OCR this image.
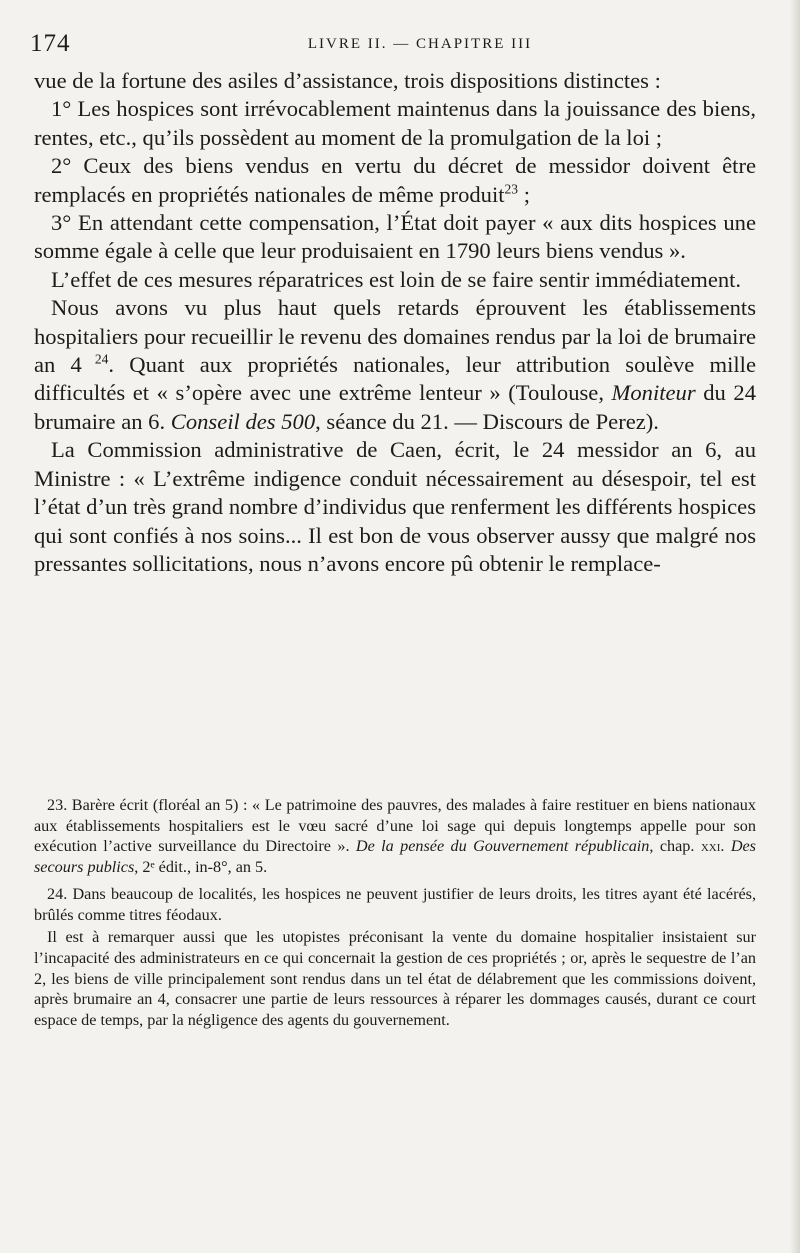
174	LIVRE II. — CHAPITRE III

vue de la fortune des asiles d’assistance, trois dispositions distinctes :

1° Les hospices sont irrévocablement maintenus dans la jouissance des biens, rentes, etc., qu’ils possèdent au moment de la promulgation de la loi ;

2° Ceux des biens vendus en vertu du décret de messidor doivent être remplacés en propriétés nationales de même produit$^{23}$ ;

3° En attendant cette compensation, l’État doit payer « aux dits hospices une somme égale à celle que leur produisaient en 1790 leurs biens vendus ».

L’effet de ces mesures réparatrices est loin de se faire sentir immédiatement.

Nous avons vu plus haut quels retards éprouvent les établissements hospitaliers pour recueillir le revenu des domaines rendus par la loi de brumaire an 4 $^{24}$. Quant aux propriétés nationales, leur attribution soulève mille difficultés et « s’opère avec une extrême lenteur » (Toulouse, Moniteur du 24 brumaire an 6. Conseil des 500, séance du 21. — Discours de Perez).

La Commission administrative de Caen, écrit, le 24 messidor an 6, au Ministre : « L’extrême indigence conduit nécessairement au désespoir, tel est l’état d’un très grand nombre d’individus que renferment les différents hospices qui sont confiés à nos soins... Il est bon de vous observer aussy que malgré nos pressantes sollicitations, nous n’avons encore pû obtenir le remplace-

23. Barère écrit (floréal an 5) : « Le patrimoine des pauvres, des malades à faire restituer en biens nationaux aux établissements hospitaliers est le vœu sacré d’une loi sage qui depuis longtemps appelle pour son exécution l’active surveillance du Directoire ». De la pensée du Gouvernement républicain, chap. xxi. Des secours publics, 2ᵉ édit., in-8°, an 5.

24. Dans beaucoup de localités, les hospices ne peuvent justifier de leurs droits, les titres ayant été lacérés, brûlés comme titres féodaux.

Il est à remarquer aussi que les utopistes préconisant la vente du domaine hospitalier insistaient sur l’incapacité des administrateurs en ce qui concernait la gestion de ces propriétés ; or, après le sequestre de l’an 2, les biens de ville principalement sont rendus dans un tel état de délabrement que les commissions doivent, après brumaire an 4, consacrer une partie de leurs ressources à réparer les dommages causés, durant ce court espace de temps, par la négligence des agents du gouvernement.
